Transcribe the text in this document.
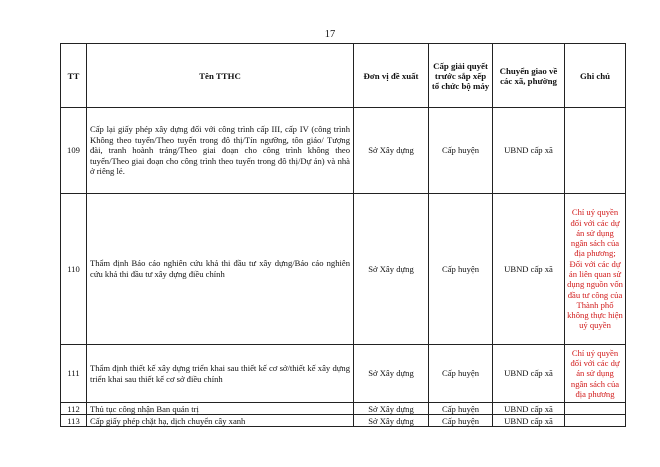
17
TT	Tên TTHC	Đơn vị đề xuất	Cấp giải quyết trước sắp xếp tổ chức bộ máy	Chuyển giao về các xã, phường	Ghi chú
109	Cấp lại giấy phép xây dựng đối với công trình cấp III, cấp IV (công trình Không theo tuyến/Theo tuyến trong đô thị/Tín ngưỡng, tôn giáo/ Tượng đài, tranh hoành tráng/Theo giai đoạn cho công trình không theo tuyến/Theo giai đoạn cho công trình theo tuyến trong đô thị/Dự án) và nhà ở riêng lẻ.	Sở Xây dựng	Cấp huyện	UBND cấp xã	
110	Thẩm định Báo cáo nghiên cứu khả thi đầu tư xây dựng/Báo cáo nghiên cứu khả thi đầu tư xây dựng điều chỉnh	Sở Xây dựng	Cấp huyện	UBND cấp xã	Chỉ uỷ quyền đối với các dự án sử dụng ngân sách của địa phương; Đối với các dự án liên quan sử dụng nguồn vốn đầu tư công của Thành phố không thực hiện uỷ quyền
111	Thẩm định thiết kế xây dựng triển khai sau thiết kế cơ sở/thiết kế xây dựng triển khai sau thiết kế cơ sở điều chỉnh	Sở Xây dựng	Cấp huyện	UBND cấp xã	Chỉ uỷ quyền đối với các dự án sử dụng ngân sách của địa phương
112	Thủ tục công nhận Ban quản trị	Sở Xây dựng	Cấp huyện	UBND cấp xã	
113	Cấp giấy phép chặt hạ, dịch chuyển cây xanh	Sở Xây dựng	Cấp huyện	UBND cấp xã	
